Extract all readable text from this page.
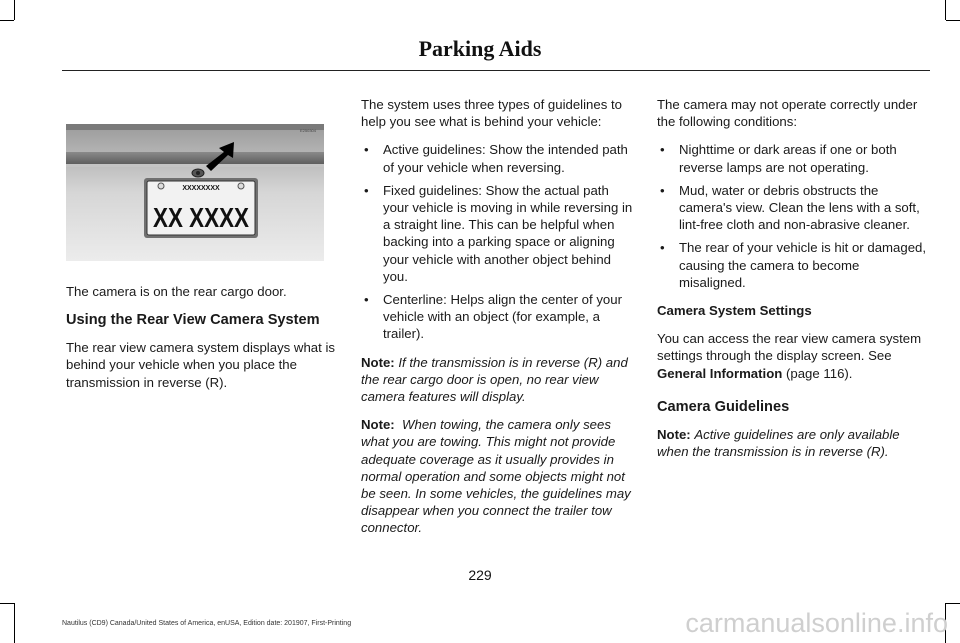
Parking Aids
XXXXXXXX
XX XXXX
E250304

The camera is on the rear cargo door.

Using the Rear View Camera System

The rear view camera system displays what is behind your vehicle when you place the transmission in reverse (R).

The system uses three types of guidelines to help you see what is behind your vehicle:

• Active guidelines: Show the intended path of your vehicle when reversing.
• Fixed guidelines: Show the actual path your vehicle is moving in while reversing in a straight line. This can be helpful when backing into a parking space or aligning your vehicle with another object behind you.
• Centerline: Helps align the center of your vehicle with an object (for example, a trailer).

Note: If the transmission is in reverse (R) and the rear cargo door is open, no rear view camera features will display.

Note: When towing, the camera only sees what you are towing. This might not provide adequate coverage as it usually provides in normal operation and some objects might not be seen. In some vehicles, the guidelines may disappear when you connect the trailer tow connector.

The camera may not operate correctly under the following conditions:

• Nighttime or dark areas if one or both reverse lamps are not operating.
• Mud, water or debris obstructs the camera's view. Clean the lens with a soft, lint-free cloth and non-abrasive cleaner.
• The rear of your vehicle is hit or damaged, causing the camera to become misaligned.

Camera System Settings

You can access the rear view camera system settings through the display screen. See General Information (page 116).

Camera Guidelines

Note: Active guidelines are only available when the transmission is in reverse (R).

229
Nautilus (CD9) Canada/United States of America, enUSA, Edition date: 201907, First-Printing	carmanualsonline.info
